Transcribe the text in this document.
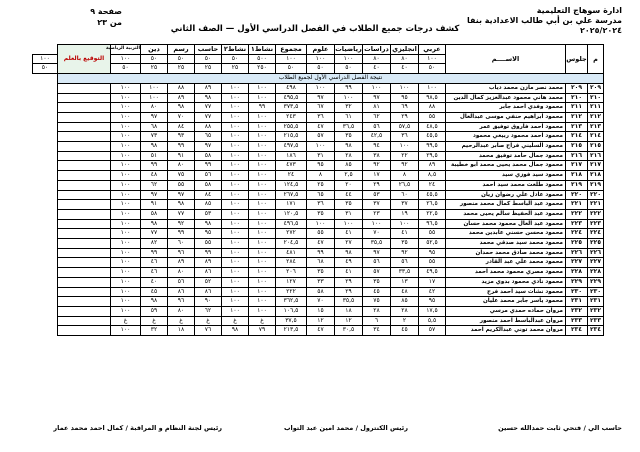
ادارة سوهاج التعليمية
مدرسة علي بن أبي طالب الاعدادية بنفا
٢٠٢٥/٢٠٢٤
كشف درجات جميع الطلاب في الفصل الدراسي الأول — الصف الثاني
صفحة ٩
من ٢٣
م	جلوس	الاســــم	عربي	انجليزي	دراسات	رياضيات	علوم	مجموع	نشاط١	نشاط٢	حاسب	رسم	دين	التربية الرياضية	التوقيع بالعلم	
			١٠٠	٨٠	٨٠	١٠٠	١٠٠	١٠٠	٥٠٠	٥٠	٥٠	٥٠	٥٠	١٠٠		١٠٠
			٥٠	٤٠	٤٠	٥٠	٥٠	٥٠	٢٥٠	٢٥	٢٥	٢٥	٢٥	٥٠		٥٠
نتيجة الفصل الدراسي الأول لجميع الطلاب																
٢٠٩	٢٠٩	محمد نصر مازن محمد دياب	١٠٠	١٠٠	١٠٠	٩٩	١٠٠	٤٩٨	١٠٠	١٠٠	٨٩	٨٨	١٠٠	١٠٠		
٢١٠	٢١٠	محمد هاني محمود عبدالعزيز كمال الدين	٩٨,٥	٩٥	٩٧	١٠٠	٩٧	٤٩٥,٥	١٠٠	١٠٠	٩٨	٨٩	١٠٠	١٠٠		
٢١١	٢١١	محمود وفدي احمد جابر	٨٨	٦٩	٨١	٣٢	٦٧	٣٧٣,٥	٩٩	١٠٠	٧٧	٩٨	٨٠	١٠٠		
٢١٢	٢١٢	محمود ابراهيم حنفي موسى عبدالعال	٥٥	٢٩	٦٢	٦١	٣٦	٢٤٣	١٠٠	١٠٠	٧٧	٧٠	٩٧	١٠٠		
٢١٣	٢١٣	محمود احمد فاروق توفيق عمر	٤٨,٥	٥٧,٥	٥٦	٣٦,٥	٤٧	٢٥٥,٥	١٠٠	١٠٠	٨٨	٨٤	٦٨	١٠٠		
٢١٤	٢١٤	محمود احمد محمود ربيعي محمود	٤٥,٥	٣٦	٤٢,٥	٣٥	٥٧	٢١٥,٥	١٠٠	١٠٠	٦٥	٩٣	٧٣	١٠٠		
٢١٥	٢١٥	محمود السليني فراج صابر عبدالرحيم	٩٩,٥	١٠٠	٩٤	٩٨	١٠٠	٤٩٧,٥	١٠٠	١٠٠	٩٧	٩٩	٩٨	١٠٠		
٢١٦	٢١٦	محمود جمال حامد توفيق محمد	٢٩,٥	٢٢	٣٨	٢٨	٣١	١٨٦	١٠٠	١٠٠	٥٨	٩١	٥١	١٠٠		
٢١٧	٢١٧	محمود جمال محمد يحيى محمد ابو خطيبة	٨٩	٩٢	٩٢	٨٥	٩٥	٤٧٣	١٠٠	١٠٠	٩٩	٨٠	٩٩	١٠٠		
٢١٨	٢١٨	محمود سيد فوزي سيد	٨,٥	٨	١٧	٢,٥	٨	٢٤	١٠٠	١٠٠	٥٦	٧٥	٤٨	١٠٠		
٢١٩	٢١٩	محمود طلعت محمد سيد احمد	٢٤	٢٦,٥	٢٩	٢٠	٢٥	١٢٤,٥	١٠٠	١٠٠	٥٨	٥٥	٦٢	١٠٠		
٢٢٠	٢٢٠	محمود عادل علي رضوان زيان	٤٥,٥	٦٠	٥٣	٤٤	٦٥	٢٦٧,٥	١٠٠	١٠٠	٨٤	٩٧	٩٧	١٠٠		
٢٢١	٢٢١	محمود عبد الباسط كمال محمد منصور	٢٦,٥	٣٧	٣٧	٣٥	٣٦	١٧١	١٠٠	١٠٠	٨٥	٩٨	٩١	١٠٠		
٢٢٢	٢٢٢	محمود عبد الحفيظ سالم يحيى محمد	٢٢,٥	١٩	٢٣	٣١	٣٥	١٢٠,٥	١٠٠	١٠٠	٥٣	٧٧	٥٨	١٠٠		
٢٢٣	٢٢٣	محمود عبد العال محمود محمد حسان	٩٦,٥	١٠٠	١٠٠	١٠٠	١٠٠	٤٩٦,٥	١٠٠	١٠٠	٩٨	٩٢	٩٨	١٠٠		
٢٢٤	٢٢٤	محمود محسن حسني عابدين محمد	٥٥	٤١	٧٠	٤١	٥٥	٢٧٢	١٠٠	١٠٠	٩٥	٩٩	٧٧	١٠٠		
٢٢٥	٢٢٥	محمود محمد سيد صدقي محمد	٥٢,٥	٣٥	٣٥,٥	٢٧	٤٧	٢٠٤,٥	١٠٠	١٠٠	٥٥	٦٠	٨٢	١٠٠		
٢٢٦	٢٢٦	محمود محمد صادق محمد حمدان	٩٥	٩٢	٩٧	٩٨	٩٩	٤٨١	١٠٠	١٠٠	٩٩	٩٦	٩٩	١٠٠		
٢٢٧	٢٢٧	محمود محمد علي عبد القادر	٥٥	٥٦	٥٦	٤٩	٦٨	٢٨٤	١٠٠	١٠٠	٨٩	٨٩	٤٦	١٠٠		
٢٢٨	٢٢٨	محمود مصري محمود محمد احمد	٤٩,٥	٣٣,٥	٥٧	٤١	٣٥	٢٠٦	١٠٠	١٠٠	٨٦	٨٠	٤٦	١٠٠		
٢٢٩	٢٢٩	محمود نادي محمود بدوي مزيد	١٧	١٣	٣٥	٢٩	٣٣	١٢٧	١٠٠	١٠٠	٥٢	٥٦	٤٠	١٠٠		
٢٣٠	٢٣٠	محمود نشات سيد احمد فرج	٤٢	٤٨	٤٥	٢٩	٥٨	٢٢٢	١٠٠	١٠٠	٨٦	٨٦	٤٥	١٠٠		
٢٣١	٢٣١	محمود ياسر جابر محمد عليان	٩٥	٨٥	٧٥	٣٥,٥	٧٠	٣٦٢,٥	١٠٠	١٠٠	٩٠	٩٦	٩٨	١٠٠		
٢٣٢	٢٣٢	مروان حماده حمدي مرسي	١٧,٥	٢٨	٢٨	١٨	١٥	١٠٦,٥	١٠٠	١٠٠	٦٢	٨٠	٥٩	١٠٠		
٢٣٣	٢٣٣	مروان عبدالباسط احمد منصور	٥,٥	٢	٦	١٢	١٢	٣٧,٥	غ	غ	غ	غ	غ	غ		
٢٣٤	٢٣٤	مروان محمد توني عبدالكريم احمد	٥٧	٤٥	٣٤	٣٠,٥	٤٧	٢١٣,٥	٧٩	٩٨	٧٦	١٨	٣٢	١٠٠		
حاسب الي / فتحي ثابت حمدالله حسين
رئيس الكنترول / محمد امين عبد التواب
رئيس لجنة النظام و المراقبة / كمال احمد محمد عمار
